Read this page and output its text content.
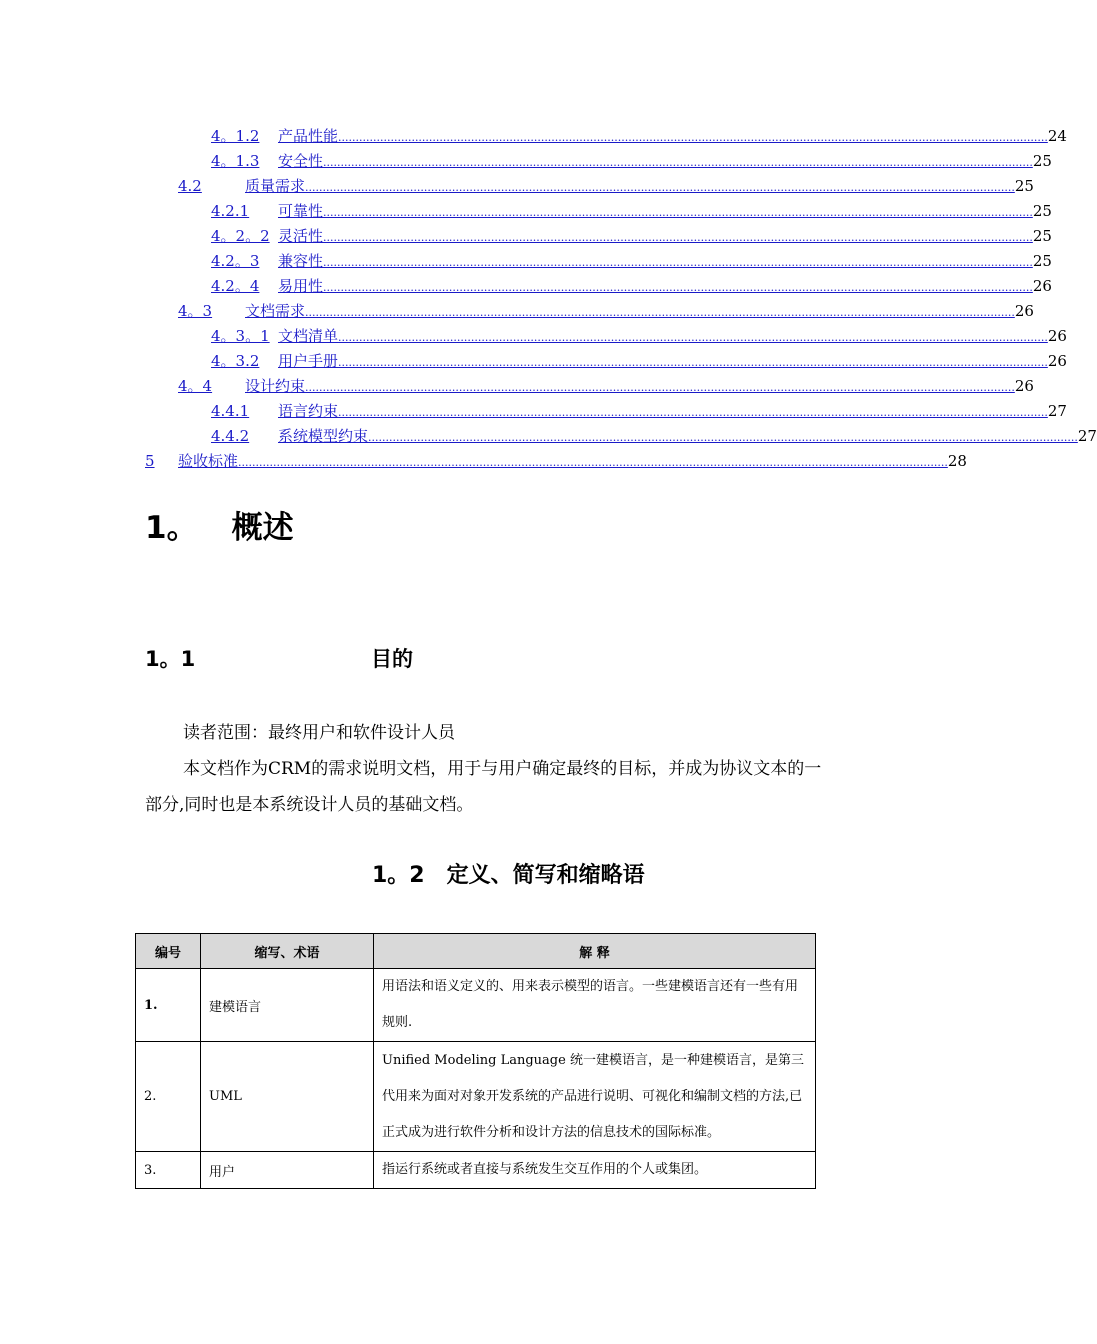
4。1.2	产品性能 ........................................................................................................................................................................................................... 24
4。1.3	安全性 ........................................................................................................................................................................................................... 25
4.2	质量需求 ........................................................................................................................................................................................................... 25
4.2.1	可靠性 ........................................................................................................................................................................................................... 25
4。2。2 灵活性 ........................................................................................................................................................................................................... 25
4.2。3	兼容性 ........................................................................................................................................................................................................... 25
4.2。4	易用性 ........................................................................................................................................................................................................... 26
4。3	文档需求 ........................................................................................................................................................................................................... 26
4。3。1 文档清单 ........................................................................................................................................................................................................... 26
4。3.2	用户手册 ........................................................................................................................................................................................................... 26
4。4	设计约束 ........................................................................................................................................................................................................... 26
4.4.1	语言约束 ........................................................................................................................................................................................................... 27
4.4.2	系统模型约束 ........................................................................................................................................................................................................... 27
5	验收标准 ........................................................................................................................................................................................................... 28
1。 概述
1。1	目的
读者范围：最终用户和软件设计人员
本文档作为CRM的需求说明文档，用于与用户确定最终的目标，并成为协议文本的一部分,同时也是本系统设计人员的基础文档。
1。2　定义、简写和缩略语
编号	缩写、术语	解 释
1.	建模语言	用语法和语义定义的、用来表示模型的语言。一些建模语言还有一些有用规则.
2.	UML	Unified Modeling Language 统一建模语言，是一种建模语言，是第三代用来为面对对象开发系统的产品进行说明、可视化和编制文档的方法,已正式成为进行软件分析和设计方法的信息技术的国际标准。
3.	用户	指运行系统或者直接与系统发生交互作用的个人或集团。
